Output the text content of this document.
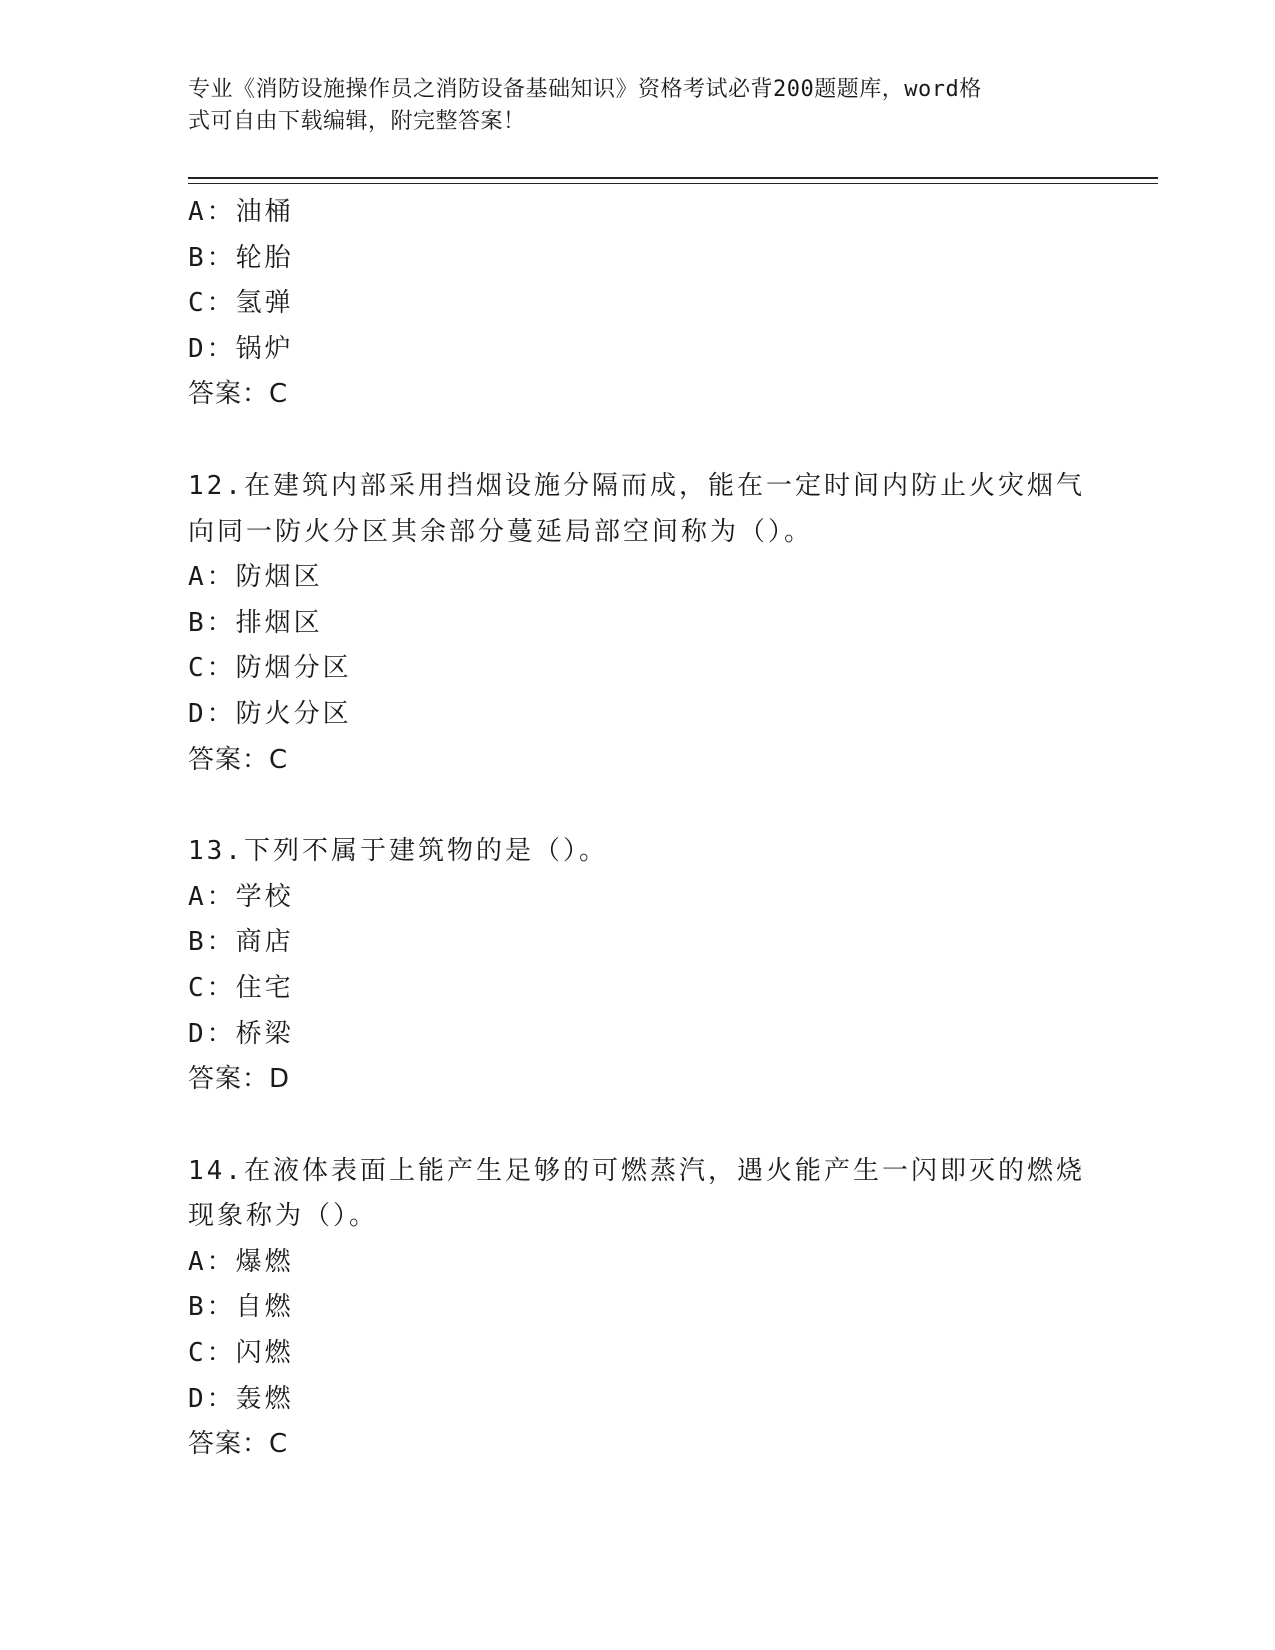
专业《消防设施操作员之消防设备基础知识》资格考试必背200题题库，word格
式可自由下载编辑，附完整答案！
A：油桶
B：轮胎
C：氢弹
D：锅炉
答案：C
12.在建筑内部采用挡烟设施分隔而成，能在一定时间内防止火灾烟气
向同一防火分区其余部分蔓延局部空间称为（）。
A：防烟区
B：排烟区
C：防烟分区
D：防火分区
答案：C
13.下列不属于建筑物的是（）。
A：学校
B：商店
C：住宅
D：桥梁
答案：D
14.在液体表面上能产生足够的可燃蒸汽，遇火能产生一闪即灭的燃烧
现象称为（）。
A：爆燃
B：自燃
C：闪燃
D：轰燃
答案：C
